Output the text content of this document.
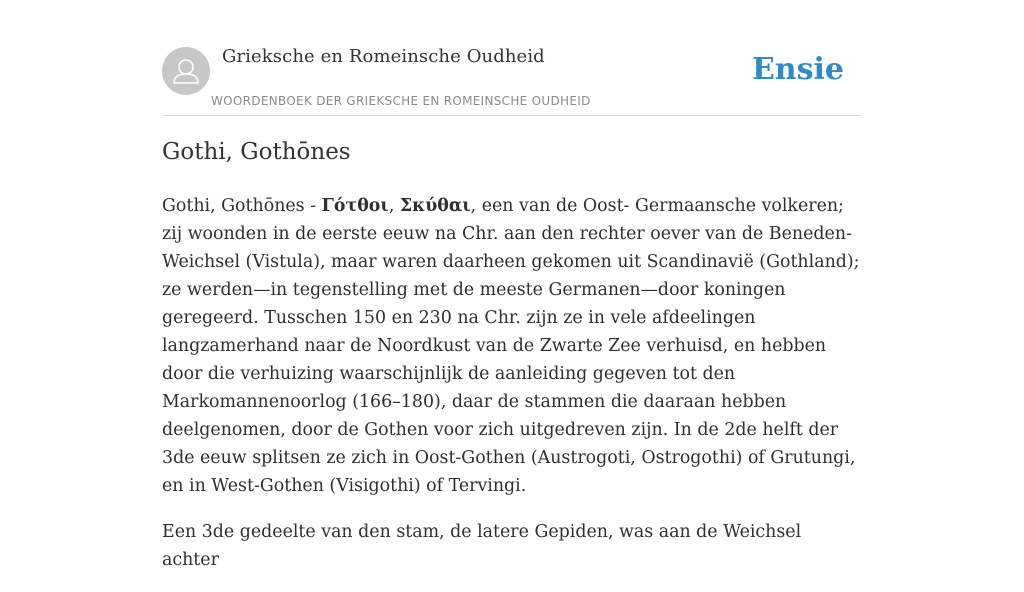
Grieksche en Romeinsche Oudheid
WOORDENBOEK DER GRIEKSCHE EN ROMEINSCHE OUDHEID
Ensie
Gothi, Gothōnes

Gothi, Gothōnes - Γότθοι, Σκύθαι, een van de Oost- Germaansche volkeren; zij woonden in de eerste eeuw na Chr. aan den rechter oever van de Beneden-Weichsel (Vistula), maar waren daarheen gekomen uit Scandinavië (Gothland); ze werden—in tegenstelling met de meeste Germanen—door koningen geregeerd. Tusschen 150 en 230 na Chr. zijn ze in vele afdeelingen langzamerhand naar de Noordkust van de Zwarte Zee verhuisd, en hebben door die verhuizing waarschijnlijk de aanleiding gegeven tot den Markomannenoorlog (166–180), daar de stammen die daaraan hebben deelgenomen, door de Gothen voor zich uitgedreven zijn. In de 2de helft der 3de eeuw splitsen ze zich in Oost-Gothen (Austrogoti, Ostrogothi) of Grutungi, en in West-Gothen (Visigothi) of Tervingi.

Een 3de gedeelte van den stam, de latere Gepiden, was aan de Weichsel achter
